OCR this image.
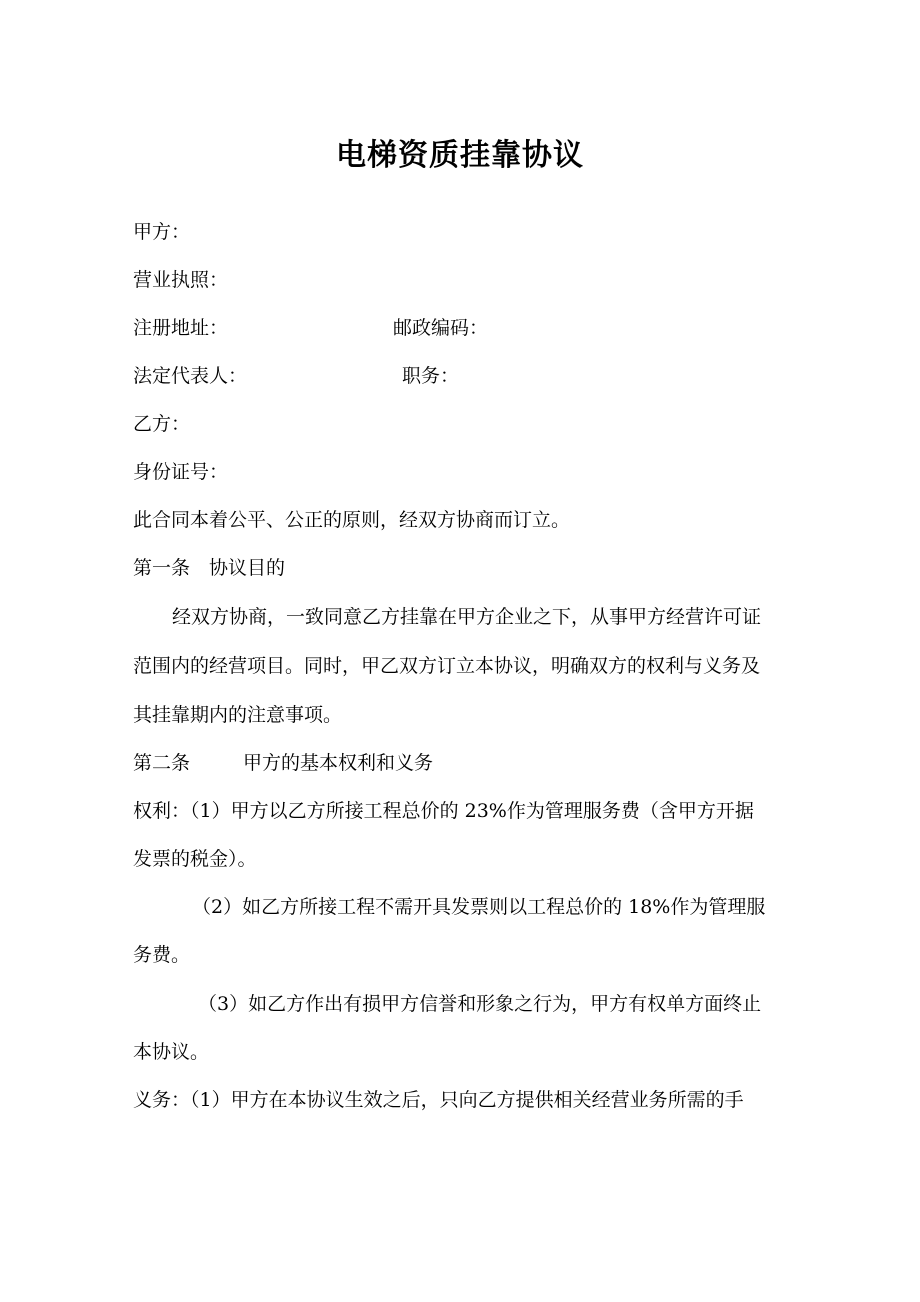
电梯资质挂靠协议
甲方：
营业执照：
注册地址：	邮政编码：
法定代表人：	职务：
乙方：
身份证号：
此合同本着公平、公正的原则，经双方协商而订立。
第一条 协议目的
经双方协商，一致同意乙方挂靠在甲方企业之下，从事甲方经营许可证
范围内的经营项目。同时，甲乙双方订立本协议，明确双方的权利与义务及
其挂靠期内的注意事项。
第二条	甲方的基本权利和义务
权利：（1）甲方以乙方所接工程总价的 23%作为管理服务费（含甲方开据
发票的税金）。
（2）如乙方所接工程不需开具发票则以工程总价的 18%作为管理服
务费。
（3）如乙方作出有损甲方信誉和形象之行为，甲方有权单方面终止
本协议。
义务：（1）甲方在本协议生效之后，只向乙方提供相关经营业务所需的手
